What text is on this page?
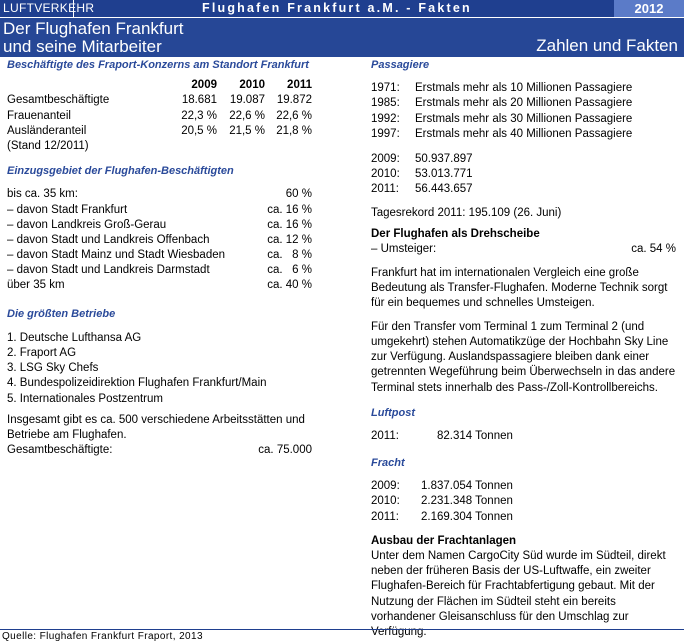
LUFTVERKEHR	Flughafen Frankfurt a.M. - Fakten	2012
Der Flughafen Frankfurt
und seine Mitarbeiter	Zahlen und Fakten
Beschäftigte des Fraport-Konzerns am Standort Frankfurt
2009	2010	2011
Gesamtbeschäftigte	18.681	19.087	19.872
Frauenanteil	22,3 %	22,6 % 22,6 %
Ausländeranteil	20,5 %	21,5 % 21,8 %
(Stand 12/2011)
Einzugsgebiet der Flughafen-Beschäftigten
bis ca. 35 km:	60 %
– davon Stadt Frankfurt	ca. 16 %
– davon Landkreis Groß-Gerau	ca. 16 %
– davon Stadt und Landkreis Offenbach	ca. 12 %
– davon Stadt Mainz und Stadt Wiesbaden	ca.   8 %
– davon Stadt und Landkreis Darmstadt	ca.   6 %
über 35 km	ca. 40 %
Die größten Betriebe
1. Deutsche Lufthansa AG
2. Fraport AG
3. LSG Sky Chefs
4. Bundespolizeidirektion Flughafen Frankfurt/Main
5. Internationales Postzentrum
Insgesamt gibt es ca. 500 verschiedene Arbeitsstätten und Betriebe am Flughafen.
Gesamtbeschäftigte:	ca. 75.000
Passagiere
1971: Erstmals mehr als 10 Millionen Passagiere
1985: Erstmals mehr als 20 Millionen Passagiere
1992: Erstmals mehr als 30 Millionen Passagiere
1997: Erstmals mehr als 40 Millionen Passagiere
2009: 50.937.897
2010: 53.013.771
2011: 56.443.657
Tagesrekord 2011: 195.109 (26. Juni)
Der Flughafen als Drehscheibe
– Umsteiger:	ca. 54 %
Frankfurt hat im internationalen Vergleich eine große Bedeutung als Transfer-Flughafen. Moderne Technik sorgt für ein bequemes und schnelles Umsteigen.
Für den Transfer vom Terminal 1 zum Terminal 2 (und umgekehrt) stehen Automatikzüge der Hochbahn Sky Line zur Verfügung. Auslandspassagiere bleiben dank einer getrennten Wegeführung beim Überwechseln in das andere Terminal stets innerhalb des Pass-/Zoll-Kontrollbereichs.
Luftpost
2011:	82.314 Tonnen
Fracht
2009: 1.837.054 Tonnen
2010: 2.231.348 Tonnen
2011: 2.169.304 Tonnen
Ausbau der Frachtanlagen
Unter dem Namen CargoCity Süd wurde im Südteil, direkt neben der früheren Basis der US-Luftwaffe, ein zweiter Flughafen-Bereich für Frachtabfertigung gebaut. Mit der Nutzung der Flächen im Südteil steht ein bereits vorhandener Gleisanschluss für den Umschlag zur Verfügung.
Quelle: Flughafen Frankfurt Fraport, 2013
